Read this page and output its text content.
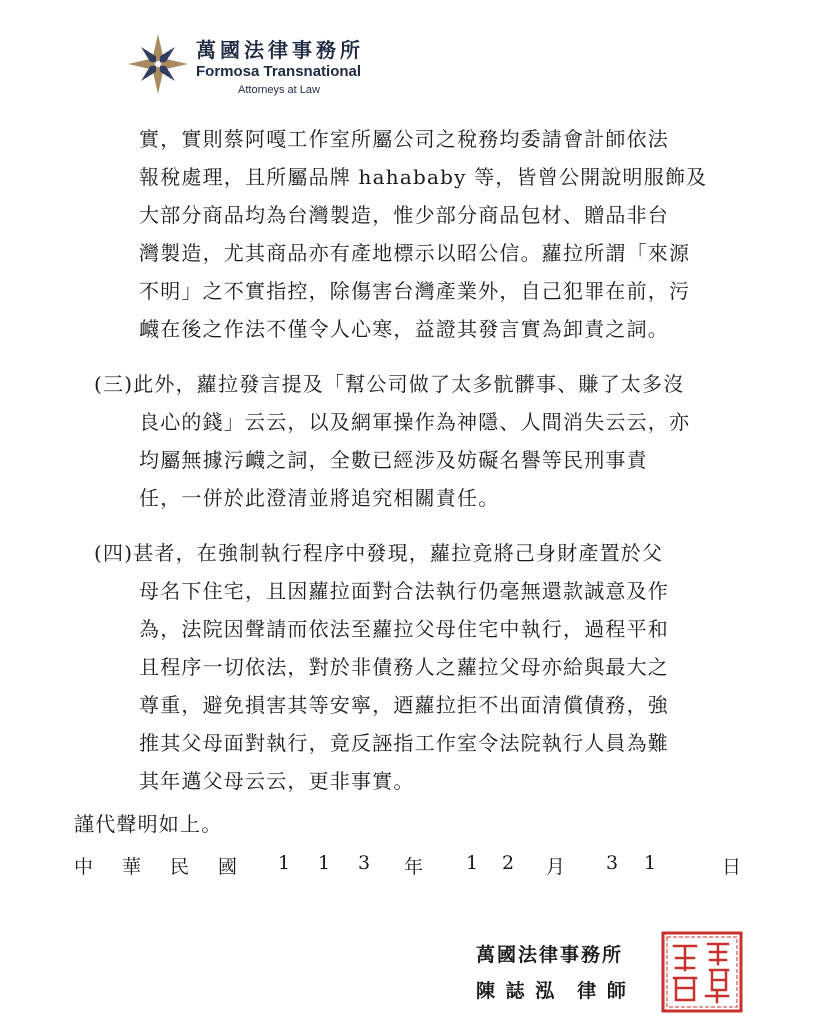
萬國法律事務所
Formosa Transnational
Attorneys at Law
實，實則蔡阿嘎工作室所屬公司之稅務均委請會計師依法
報稅處理，且所屬品牌 hahababy 等，皆曾公開說明服飾及
大部分商品均為台灣製造，惟少部分商品包材、贈品非台
灣製造，尤其商品亦有產地標示以昭公信。蘿拉所謂「來源
不明」之不實指控，除傷害台灣產業外，自己犯罪在前，污
衊在後之作法不僅令人心寒，益證其發言實為卸責之詞。
(三)此外，蘿拉發言提及「幫公司做了太多骯髒事、賺了太多沒
良心的錢」云云，以及網軍操作為神隱、人間消失云云，亦
均屬無據污衊之詞，全數已經涉及妨礙名譽等民刑事責
任，一併於此澄清並將追究相關責任。
(四)甚者，在強制執行程序中發現，蘿拉竟將己身財產置於父
母名下住宅，且因蘿拉面對合法執行仍毫無還款誠意及作
為，法院因聲請而依法至蘿拉父母住宅中執行，過程平和
且程序一切依法，對於非債務人之蘿拉父母亦給與最大之
尊重，避免損害其等安寧，迺蘿拉拒不出面清償債務，強
推其父母面對執行，竟反誣指工作室令法院執行人員為難
其年邁父母云云，更非事實。
謹代聲明如上。
中 華 民 國 1 1 3 年 1 2 月 3 1	日
萬國法律事務所
陳 誌 泓　律 師
